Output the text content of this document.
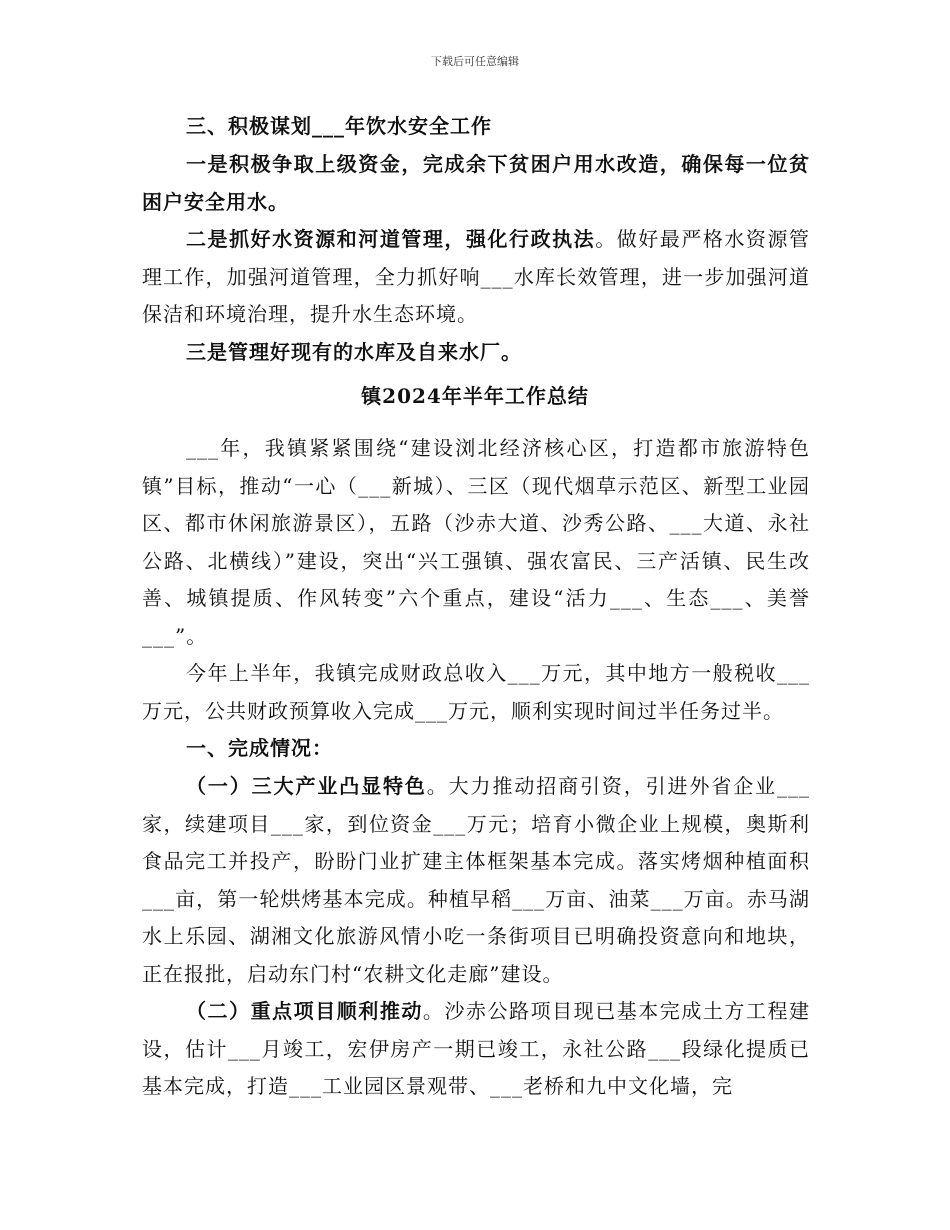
下载后可任意编辑

三、积极谋划___年饮水安全工作

一是积极争取上级资金，完成余下贫困户用水改造，确保每一位贫困户安全用水。

二是抓好水资源和河道管理，强化行政执法。做好最严格水资源管理工作，加强河道管理，全力抓好响___水库长效管理，进一步加强河道保洁和环境治理，提升水生态环境。

三是管理好现有的水库及自来水厂。

镇2024年半年工作总结

___年，我镇紧紧围绕“建设浏北经济核心区，打造都市旅游特色镇”目标，推动“一心（___新城）、三区（现代烟草示范区、新型工业园区、都市休闲旅游景区），五路（沙赤大道、沙秀公路、___大道、永社公路、北横线）”建设，突出“兴工强镇、强农富民、三产活镇、民生改善、城镇提质、作风转变”六个重点，建设“活力___、生态___、美誉___”。

今年上半年，我镇完成财政总收入___万元，其中地方一般税收___万元，公共财政预算收入完成___万元，顺利实现时间过半任务过半。

一、完成情况：

（一）三大产业凸显特色。大力推动招商引资，引进外省企业___家，续建项目___家，到位资金___万元；培育小微企业上规模，奥斯利食品完工并投产，盼盼门业扩建主体框架基本完成。落实烤烟种植面积___亩，第一轮烘烤基本完成。种植早稻___万亩、油菜___万亩。赤马湖水上乐园、湖湘文化旅游风情小吃一条街项目已明确投资意向和地块，正在报批，启动东门村“农耕文化走廊”建设。

（二）重点项目顺利推动。沙赤公路项目现已基本完成土方工程建设，估计___月竣工，宏伊房产一期已竣工，永社公路___段绿化提质已基本完成，打造___工业园区景观带、___老桥和九中文化墙，完
